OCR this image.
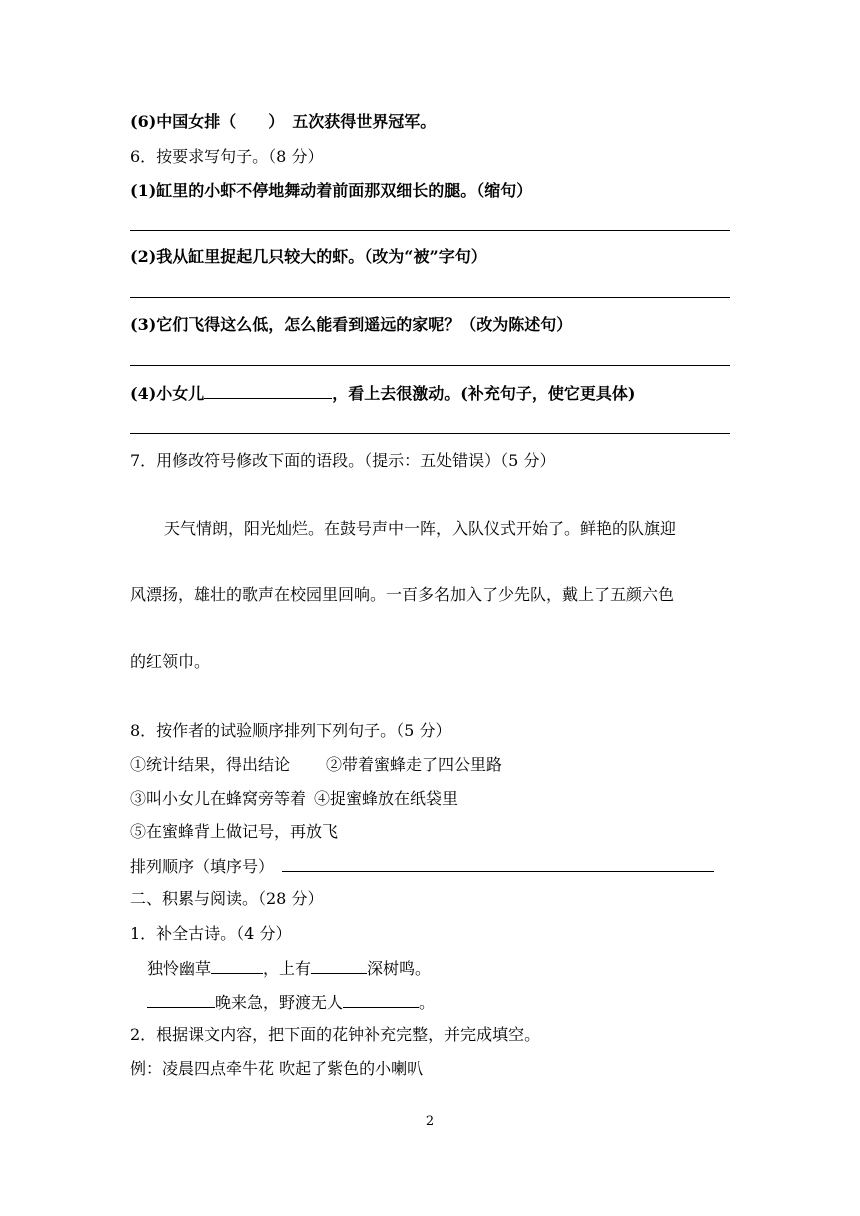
(6)中国女排（　　）　五次获得世界冠军。
6．按要求写句子。（8 分）
(1)缸里的小虾不停地舞动着前面那双细长的腿。（缩句）
(2)我从缸里捉起几只较大的虾。（改为“被”字句）
(3)它们飞得这么低，怎么能看到遥远的家呢？（改为陈述句）
(4)小女儿	，看上去很激动。(补充句子，使它更具体)
7．用修改符号修改下面的语段。（提示：五处错误）（5 分）
天气情朗，阳光灿烂。在鼓号声中一阵，入队仪式开始了。鲜艳的队旗迎
风漂扬，雄壮的歌声在校园里回响。一百多名加入了少先队，戴上了五颜六色
的红领巾。
8．按作者的试验顺序排列下列句子。（5 分）
①统计结果，得出结论 ②带着蜜蜂走了四公里路
③叫小女儿在蜂窝旁等着 ④捉蜜蜂放在纸袋里
⑤在蜜蜂背上做记号，再放飞
排列顺序（填序号）
二、积累与阅读。（28 分）
1．补全古诗。（4 分）
独怜幽草	，上有	深树鸣。
晚来急，野渡无人	。
2．根据课文内容，把下面的花钟补充完整，并完成填空。
例：凌晨四点牵牛花 吹起了紫色的小喇叭
2
